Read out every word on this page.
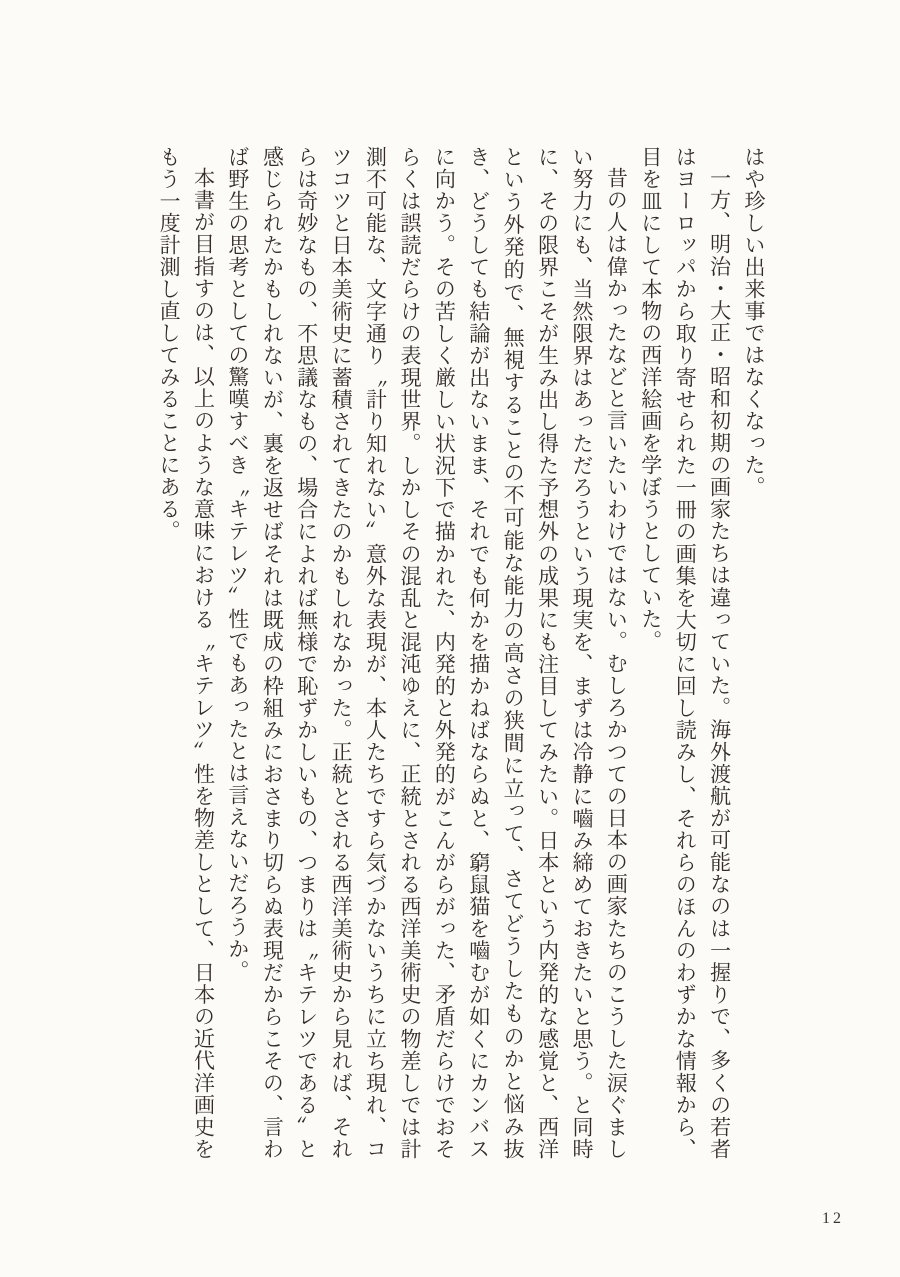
はや珍しい出来事ではなくなった。

一方、明治・大正・昭和初期の画家たちは違っていた。海外渡航が可能なのは一握りで、多くの若者はヨーロッパから取り寄せられた一冊の画集を大切に回し読みし、それらのほんのわずかな情報から、目を皿にして本物の西洋絵画を学ぼうとしていた。

昔の人は偉かったなどと言いたいわけではない。むしろかつての日本の画家たちのこうした涙ぐましい努力にも、当然限界はあっただろうという現実を、まずは冷静に嚙み締めておきたいと思う。と同時に、その限界こそが生み出し得た予想外の成果にも注目してみたい。日本という内発的な感覚と、西洋という外発的で、無視することの不可能な能力の高さの狭間に立って、さてどうしたものかと悩み抜き、どうしても結論が出ないまま、それでも何かを描かねばならぬと、窮鼠猫を嚙むが如くにカンバスに向かう。その苦しく厳しい状況下で描かれた、内発的と外発的がこんがらがった、矛盾だらけでおそらくは誤読だらけの表現世界。しかしその混乱と混沌ゆえに、正統とされる西洋美術史の物差しでは計測不可能な、文字通り〝計り知れない〟意外な表現が、本人たちですら気づかないうちに立ち現れ、コツコツと日本美術史に蓄積されてきたのかもしれなかった。正統とされる西洋美術史から見れば、それらは奇妙なもの、不思議なもの、場合によれば無様で恥ずかしいもの、つまりは〝キテレツである〟と感じられたかもしれないが、裏を返せばそれは既成の枠組みにおさまり切らぬ表現だからこその、言わば野生の思考としての驚嘆すべき〝キテレツ〟性でもあったとは言えないだろうか。

本書が目指すのは、以上のような意味における〝キテレツ〟性を物差しとして、日本の近代洋画史をもう一度計測し直してみることにある。

12
